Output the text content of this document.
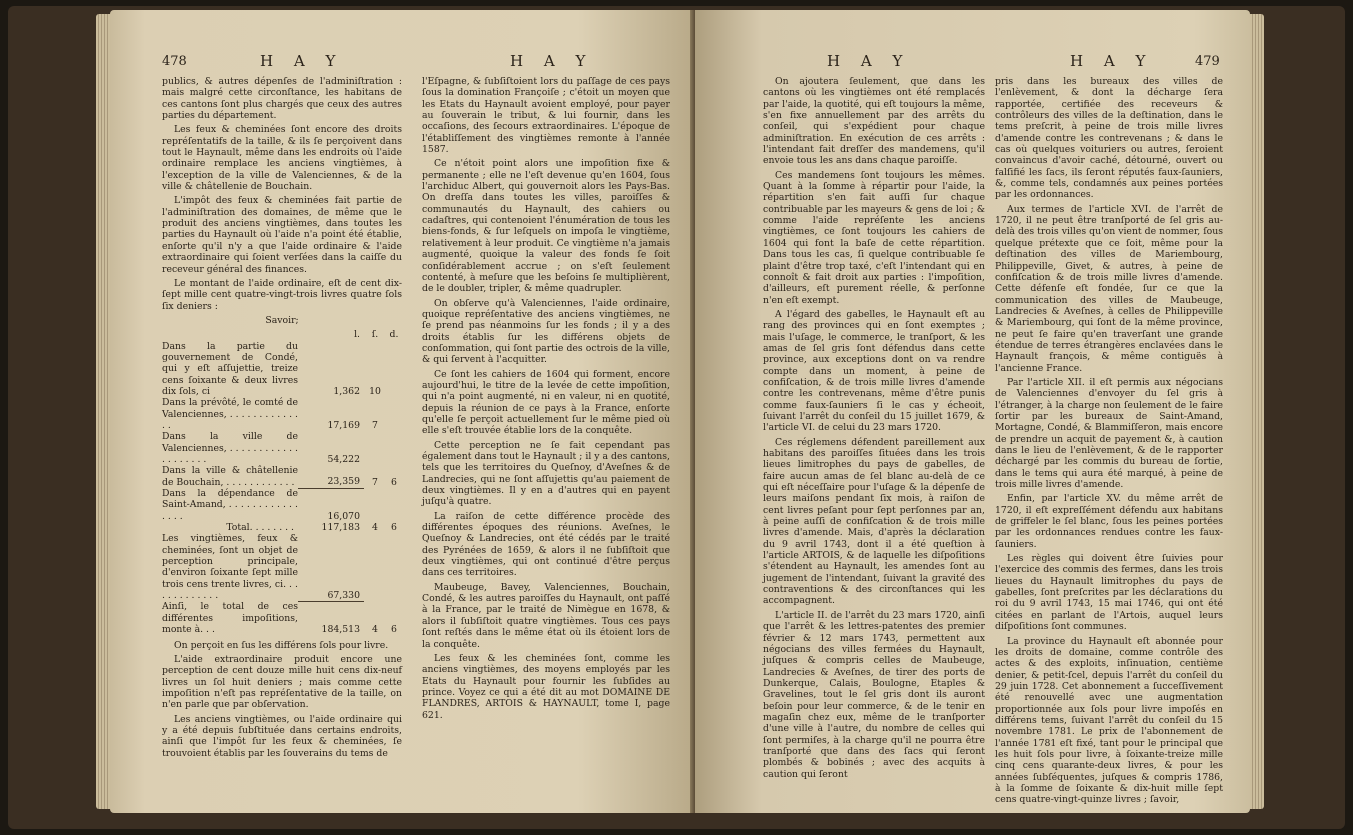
478	H A Y	H A Y

publics, & autres dépenſes de l'adminiſtration : mais malgré cette circonſtance, les habitans de ces cantons ſont plus chargés que ceux des autres parties du département.

Les feux & cheminées ſont encore des droits repréſentatifs de la taille, & ils ſe perçoivent dans tout le Haynault, même dans les endroits où l'aide ordinaire remplace les anciens vingtièmes, à l'exception de la ville de Valenciennes, & de la ville & châtellenie de Bouchain.

L'impôt des feux & cheminées fait partie de l'adminiſtration des domaines, de même que le produit des anciens vingtièmes, dans toutes les parties du Haynault où l'aide n'a point été établie, enſorte qu'il n'y a que l'aide ordinaire & l'aide extraordinaire qui ſoient verſées dans la caiſſe du receveur général des finances.

Le montant de l'aide ordinaire, eſt de cent dix-ſept mille cent quatre-vingt-trois livres quatre ſols ſix deniers :

Savoir;

	l.	ſ.	d.
Dans la partie du gouvernement de Condé, qui y eſt aſſujettie, treize cens ſoixante & deux livres dix ſols, ci	1,362	10	
Dans la prévôté, le comté de Valenciennes, . . . . . . . . . . . . . .	17,169	7	
Dans la ville de Valenciennes, . . . . . . . . . . . . . . . . . . . .	54,222		
Dans la ville & châtellenie de Bouchain, . . . . . . . . . . . .	23,359	7	6
Dans la dépendance de Saint-Amand, . . . . . . . . . . . . . . . .	16,070		
Total. . . . . . . .	117,183	4	6
Les vingtièmes, feux & cheminées, ſont un objet de perception principale, d'environ ſoixante ſept mille trois cens trente livres, ci. . . . . . . . . . . . .	67,330		
Ainſi, le total de ces différentes impoſitions, monte à. . .	184,513	4	6

On perçoit en ſus les différens ſols pour livre.

L'aide extraordinaire produit encore une perception de cent douze mille huit cens dix-neuf livres un ſol huit deniers ; mais comme cette impoſition n'eſt pas repréſentative de la taille, on n'en parle que par obſervation.

Les anciens vingtièmes, ou l'aide ordinaire qui y a été depuis ſubſtituée dans certains endroits, ainſi que l'impôt ſur les feux & cheminées, ſe trouvoient établis par les ſouverains du tems de

l'Eſpagne, & ſubſiſtoient lors du paſſage de ces pays ſous la domination Françoiſe ; c'étoit un moyen que les Etats du Haynault avoient employé, pour payer au ſouverain le tribut, & lui fournir, dans les occaſions, des ſecours extraordinaires. L'époque de l'établiſſement des vingtièmes remonte à l'année 1587.

Ce n'étoit point alors une impoſition fixe & permanente ; elle ne l'eſt devenue qu'en 1604, ſous l'archiduc Albert, qui gouvernoit alors les Pays-Bas. On dreſſa dans toutes les villes, paroiſſes & communautés du Haynault, des cahiers ou cadaſtres, qui contenoient l'énumération de tous les biens-fonds, & ſur leſquels on impoſa le vingtième, relativement à leur produit. Ce vingtième n'a jamais augmenté, quoique la valeur des fonds ſe ſoit conſidérablement accrue ; on s'eſt ſeulement contenté, à meſure que les beſoins ſe multiplièrent, de le doubler, tripler, & même quadrupler.

On obſerve qu'à Valenciennes, l'aide ordinaire, quoique repréſentative des anciens vingtièmes, ne ſe prend pas néanmoins ſur les fonds ; il y a des droits établis ſur les différens objets de conſommation, qui ſont partie des octrois de la ville, & qui ſervent à l'acquitter.

Ce ſont les cahiers de 1604 qui forment, encore aujourd'hui, le titre de la levée de cette impoſition, qui n'a point augmenté, ni en valeur, ni en quotité, depuis la réunion de ce pays à la France, enſorte qu'elle ſe perçoit actuellement ſur le même pied où elle s'eſt trouvée établie lors de la conquête.

Cette perception ne ſe fait cependant pas également dans tout le Haynault ; il y a des cantons, tels que les territoires du Queſnoy, d'Aveſnes & de Landrecies, qui ne ſont aſſujettis qu'au paiement de deux vingtièmes. Il y en a d'autres qui en payent juſqu'à quatre.

La raiſon de cette différence procède des différentes époques des réunions. Aveſnes, le Queſnoy & Landrecies, ont été cédés par le traité des Pyrénées de 1659, & alors il ne ſubſiſtoit que deux vingtièmes, qui ont continué d'être perçus dans ces territoires.

Maubeuge, Bavey, Valenciennes, Bouchain, Condé, & les autres paroiſſes du Haynault, ont paſſé à la France, par le traité de Nimègue en 1678, & alors il ſubſiſtoit quatre vingtièmes. Tous ces pays ſont reſtés dans le même état où ils étoient lors de la conquête.

Les feux & les cheminées ſont, comme les anciens vingtièmes, des moyens employés par les Etats du Haynault pour fournir les ſubſides au prince. Voyez ce qui a été dit au mot DOMAINE DE FLANDRES, ARTOIS & HAYNAULT, tome I, page 621.

H A Y	H A Y	479

On ajoutera ſeulement, que dans les cantons où les vingtièmes ont été remplacés par l'aide, la quotité, qui eſt toujours la même, s'en fixe annuellement par des arrêts du conſeil, qui s'expédient pour chaque adminiſtration. En exécution de ces arrêts : l'intendant fait dreſſer des mandemens, qu'il envoie tous les ans dans chaque paroiſſe.

Ces mandemens ſont toujours les mêmes. Quant à la ſomme à répartir pour l'aide, la répartition s'en fait auſſi ſur chaque contribuable par les mayeurs & gens de loi ; & comme l'aide repréſente les anciens vingtièmes, ce ſont toujours les cahiers de 1604 qui font la baſe de cette répartition. Dans tous les cas, ſi quelque contribuable ſe plaint d'être trop taxé, c'eſt l'intendant qui en connoît & fait droit aux parties : l'impoſition, d'ailleurs, eſt purement réelle, & perſonne n'en eſt exempt.

A l'égard des gabelles, le Haynault eſt au rang des provinces qui en ſont exemptes ; mais l'uſage, le commerce, le tranſport, & les amas de ſel gris ſont défendus dans cette province, aux exceptions dont on va rendre compte dans un moment, à peine de confiſcation, & de trois mille livres d'amende contre les contrevenans, même d'être punis comme faux-ſauniers ſi le cas y écheoit, ſuivant l'arrêt du conſeil du 15 juillet 1679, & l'article VI. de celui du 23 mars 1720.

Ces réglemens défendent pareillement aux habitans des paroiſſes ſituées dans les trois lieues limitrophes du pays de gabelles, de faire aucun amas de ſel blanc au-delà de ce qui eſt néceſſaire pour l'uſage & la dépenſe de leurs maiſons pendant ſix mois, à raiſon de cent livres peſant pour ſept perſonnes par an, à peine auſſi de confiſcation & de trois mille livres d'amende. Mais, d'après la déclaration du 9 avril 1743, dont il a été queſtion à l'article ARTOIS, & de laquelle les diſpoſitions s'étendent au Haynault, les amendes ſont au jugement de l'intendant, ſuivant la gravité des contraventions & des circonſtances qui les accompagnent.

L'article II. de l'arrêt du 23 mars 1720, ainſi que l'arrêt & les lettres-patentes des premier février & 12 mars 1743, permettent aux négocians des villes fermées du Haynault, juſques & compris celles de Maubeuge, Landrecies & Aveſnes, de tirer des ports de Dunkerque, Calais, Boulogne, Etaples & Gravelines, tout le ſel gris dont ils auront beſoin pour leur commerce, & de le tenir en magaſin chez eux, même de le tranſporter d'une ville à l'autre, du nombre de celles qui ſont permiſes, à la charge qu'il ne pourra être tranſporté que dans des ſacs qui ſeront plombés & bobinés ; avec des acquits à caution qui ſeront

pris dans les bureaux des villes de l'enlèvement, & dont la décharge ſera rapportée, certifiée des receveurs & contrôleurs des villes de la deſtination, dans le tems preſcrit, à peine de trois mille livres d'amende contre les contrevenans ; & dans le cas où quelques voituriers ou autres, ſeroient convaincus d'avoir caché, détourné, ouvert ou falſifié les ſacs, ils ſeront réputés faux-ſauniers, &, comme tels, condamnés aux peines portées par les ordonnances.

Aux termes de l'article XVI. de l'arrêt de 1720, il ne peut être tranſporté de ſel gris au-delà des trois villes qu'on vient de nommer, ſous quelque prétexte que ce ſoit, même pour la deſtination des villes de Mariembourg, Philippeville, Givet, & autres, à peine de confiſcation & de trois mille livres d'amende. Cette défenſe eſt fondée, ſur ce que la communication des villes de Maubeuge, Landrecies & Aveſnes, à celles de Philippeville & Mariembourg, qui ſont de la même province, ne peut ſe faire qu'en traverſant une grande étendue de terres étrangères enclavées dans le Haynault françois, & même contiguës à l'ancienne France.

Par l'article XII. il eſt permis aux négocians de Valenciennes d'envoyer du ſel gris à l'étranger, à la charge non ſeulement de le faire ſortir par les bureaux de Saint-Amand, Mortagne, Condé, & Blammiſſeron, mais encore de prendre un acquit de payement &, à caution dans le lieu de l'enlèvement, & de le rapporter déchargé par les commis du bureau de ſortie, dans le tems qui aura été marqué, à peine de trois mille livres d'amende.

Enfin, par l'article XV. du même arrêt de 1720, il eſt expreſſément défendu aux habitans de griffeler le ſel blanc, ſous les peines portées par les ordonnances rendues contre les faux-ſauniers.

Les règles qui doivent être ſuivies pour l'exercice des commis des fermes, dans les trois lieues du Haynault limitrophes du pays de gabelles, ſont preſcrites par les déclarations du roi du 9 avril 1743, 15 mai 1746, qui ont été citées en parlant de l'Artois, auquel leurs diſpoſitions ſont communes.

La province du Haynault eſt abonnée pour les droits de domaine, comme contrôle des actes & des exploits, inſinuation, centième denier, & petit-ſcel, depuis l'arrêt du conſeil du 29 juin 1728. Cet abonnement a ſucceſſivement été renouvellé avec une augmentation proportionnée aux ſols pour livre impoſés en différens tems, ſuivant l'arrêt du conſeil du 15 novembre 1781. Le prix de l'abonnement de l'année 1781 eſt fixé, tant pour le principal que les huit ſols pour livre, à ſoixante-treize mille cinq cens quarante-deux livres, & pour les années ſubſéquentes, juſques & compris 1786, à la ſomme de ſoixante & dix-huit mille ſept cens quatre-vingt-quinze livres ; ſavoir,
